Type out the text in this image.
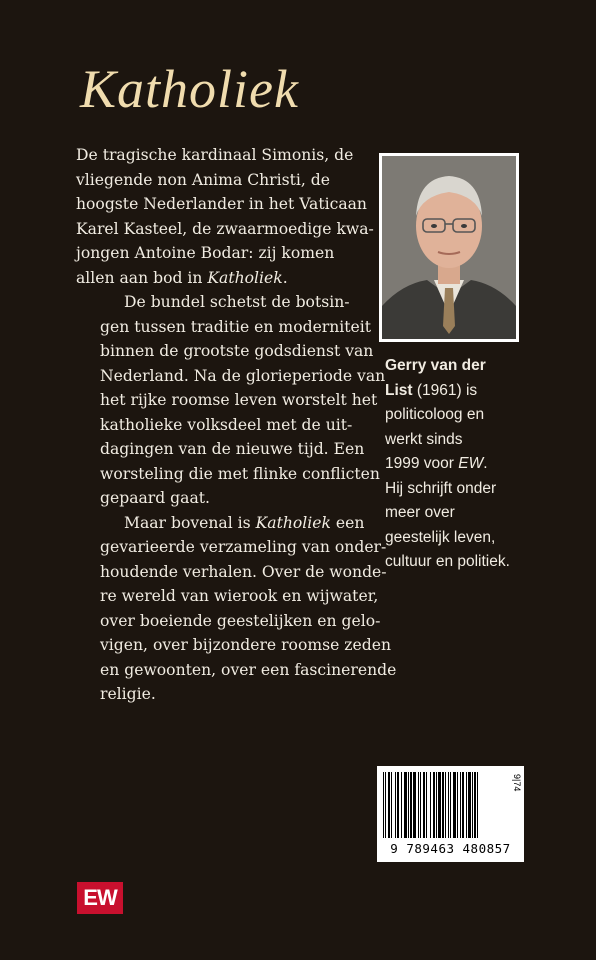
Katholiek

De tragische kardinaal Simonis, de
vliegende non Anima Christi, de
hoogste Nederlander in het Vaticaan
Karel Kasteel, de zwaarmoedige kwa-
jongen Antoine Bodar: zij komen
allen aan bod in Katholiek.

De bundel schetst de botsin-
gen tussen traditie en moderniteit
binnen de grootste godsdienst van
Nederland. Na de glorieperiode van
het rijke roomse leven worstelt het
katholieke volksdeel met de uit-
dagingen van de nieuwe tijd. Een
worsteling die met flinke conflicten
gepaard gaat.

Maar bovenal is Katholiek een
gevarieerde verzameling van onder-
houdende verhalen. Over de wonde-
re wereld van wierook en wijwater,
over boeiende geestelijken en gelo-
vigen, over bijzondere roomse zeden
en gewoonten, over een fascinerende
religie.

Gerry van der
List (1961) is
politicoloog en
werkt sinds
1999 voor EW.
Hij schrijft onder
meer over
geestelijk leven,
cultuur en politiek.
9 789463 480857
9|74
EW
